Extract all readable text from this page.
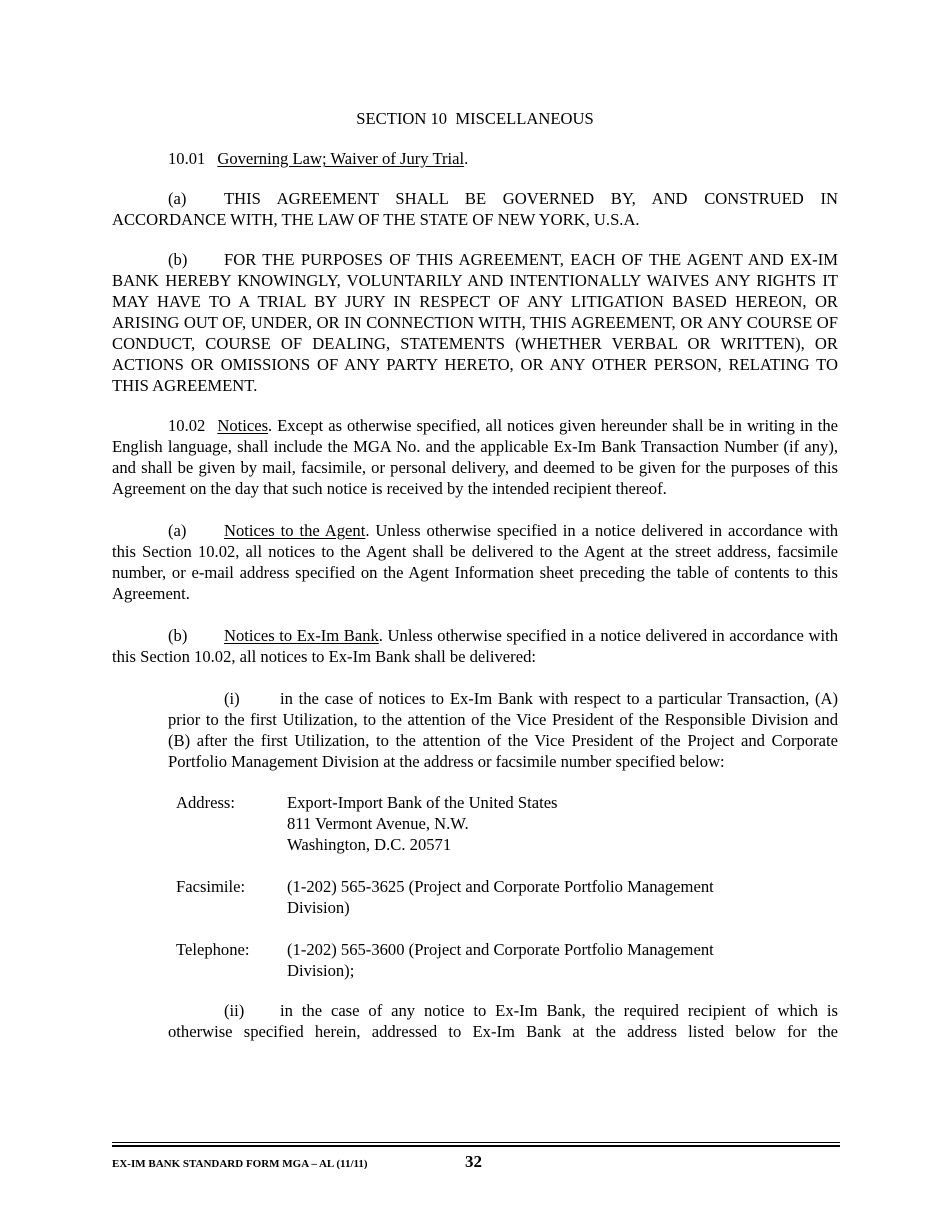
SECTION 10  MISCELLANEOUS

10.01 Governing Law; Waiver of Jury Trial.

(a) THIS AGREEMENT SHALL BE GOVERNED BY, AND CONSTRUED IN ACCORDANCE WITH, THE LAW OF THE STATE OF NEW YORK, U.S.A.

(b) FOR THE PURPOSES OF THIS AGREEMENT, EACH OF THE AGENT AND EX-IM BANK HEREBY KNOWINGLY, VOLUNTARILY AND INTENTIONALLY WAIVES ANY RIGHTS IT MAY HAVE TO A TRIAL BY JURY IN RESPECT OF ANY LITIGATION BASED HEREON, OR ARISING OUT OF, UNDER, OR IN CONNECTION WITH, THIS AGREEMENT, OR ANY COURSE OF CONDUCT, COURSE OF DEALING, STATEMENTS (WHETHER VERBAL OR WRITTEN), OR ACTIONS OR OMISSIONS OF ANY PARTY HERETO, OR ANY OTHER PERSON, RELATING TO THIS AGREEMENT.

10.02 Notices. Except as otherwise specified, all notices given hereunder shall be in writing in the English language, shall include the MGA No. and the applicable Ex-Im Bank Transaction Number (if any), and shall be given by mail, facsimile, or personal delivery, and deemed to be given for the purposes of this Agreement on the day that such notice is received by the intended recipient thereof.

(a) Notices to the Agent. Unless otherwise specified in a notice delivered in accordance with this Section 10.02, all notices to the Agent shall be delivered to the Agent at the street address, facsimile number, or e-mail address specified on the Agent Information sheet preceding the table of contents to this Agreement.

(b) Notices to Ex-Im Bank. Unless otherwise specified in a notice delivered in accordance with this Section 10.02, all notices to Ex-Im Bank shall be delivered:

(i) in the case of notices to Ex-Im Bank with respect to a particular Transaction, (A) prior to the first Utilization, to the attention of the Vice President of the Responsible Division and (B) after the first Utilization, to the attention of the Vice President of the Project and Corporate Portfolio Management Division at the address or facsimile number specified below:

Address:	Export-Import Bank of the United States
811 Vermont Avenue, N.W.
Washington, D.C. 20571
Facsimile:	(1-202) 565-3625 (Project and Corporate Portfolio Management Division)
Telephone:	(1-202) 565-3600 (Project and Corporate Portfolio Management Division);

(ii) in the case of any notice to Ex-Im Bank, the required recipient of which is otherwise specified herein, addressed to Ex-Im Bank at the address listed below for the

EX-IM BANK STANDARD FORM MGA – AL (11/11)	32
